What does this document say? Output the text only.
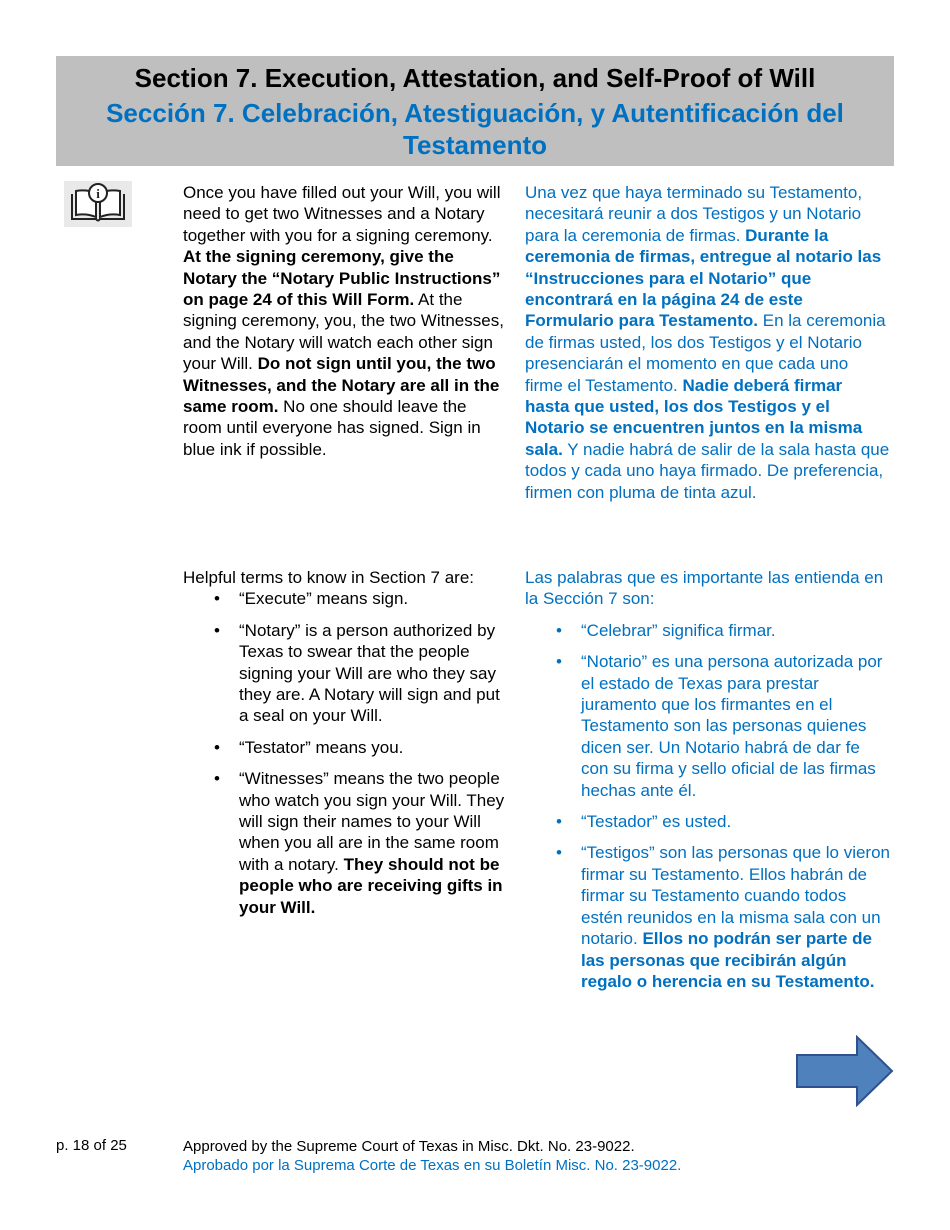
Section 7. Execution, Attestation, and Self-Proof of Will
Sección 7. Celebración, Atestiguación, y Autentificación del Testamento
i	Once you have filled out your Will, you will need to get two Witnesses and a Notary together with you for a signing ceremony. At the signing ceremony, give the Notary the “Notary Public Instructions” on page 24 of this Will Form. At the signing ceremony, you, the two Witnesses, and the Notary will watch each other sign your Will. Do not sign until you, the two Witnesses, and the Notary are all in the same room. No one should leave the room until everyone has signed. Sign in blue ink if possible.

Una vez que haya terminado su Testamento, necesitará reunir a dos Testigos y un Notario para la ceremonia de firmas. Durante la ceremonia de firmas, entregue al notario las “Instrucciones para el Notario” que encontrará en la página 24 de este Formulario para Testamento. En la ceremonia de firmas usted, los dos Testigos y el Notario presenciarán el momento en que cada uno firme el Testamento. Nadie deberá firmar hasta que usted, los dos Testigos y el Notario se encuentren juntos en la misma sala. Y nadie habrá de salir de la sala hasta que todos y cada uno haya firmado. De preferencia, firmen con pluma de tinta azul.

Helpful terms to know in Section 7 are:

• “Execute” means sign.
• “Notary” is a person authorized by Texas to swear that the people signing your Will are who they say they are. A Notary will sign and put a seal on your Will.
• “Testator” means you.
• “Witnesses” means the two people who watch you sign your Will. They will sign their names to your Will when you all are in the same room with a notary. They should not be people who are receiving gifts in your Will.

Las palabras que es importante las entienda en la Sección 7 son:

• “Celebrar” significa firmar.
• “Notario” es una persona autorizada por el estado de Texas para prestar juramento que los firmantes en el Testamento son las personas quienes dicen ser. Un Notario habrá de dar fe con su firma y sello oficial de las firmas hechas ante él.
• “Testador” es usted.
• “Testigos” son las personas que lo vieron firmar su Testamento. Ellos habrán de firmar su Testamento cuando todos estén reunidos en la misma sala con un notario. Ellos no podrán ser parte de las personas que recibirán algún regalo o herencia en su Testamento.
p. 18 of 25	Approved by the Supreme Court of Texas in Misc. Dkt. No. 23-9022.
Aprobado por la Suprema Corte de Texas en su Boletín Misc. No. 23-9022.
